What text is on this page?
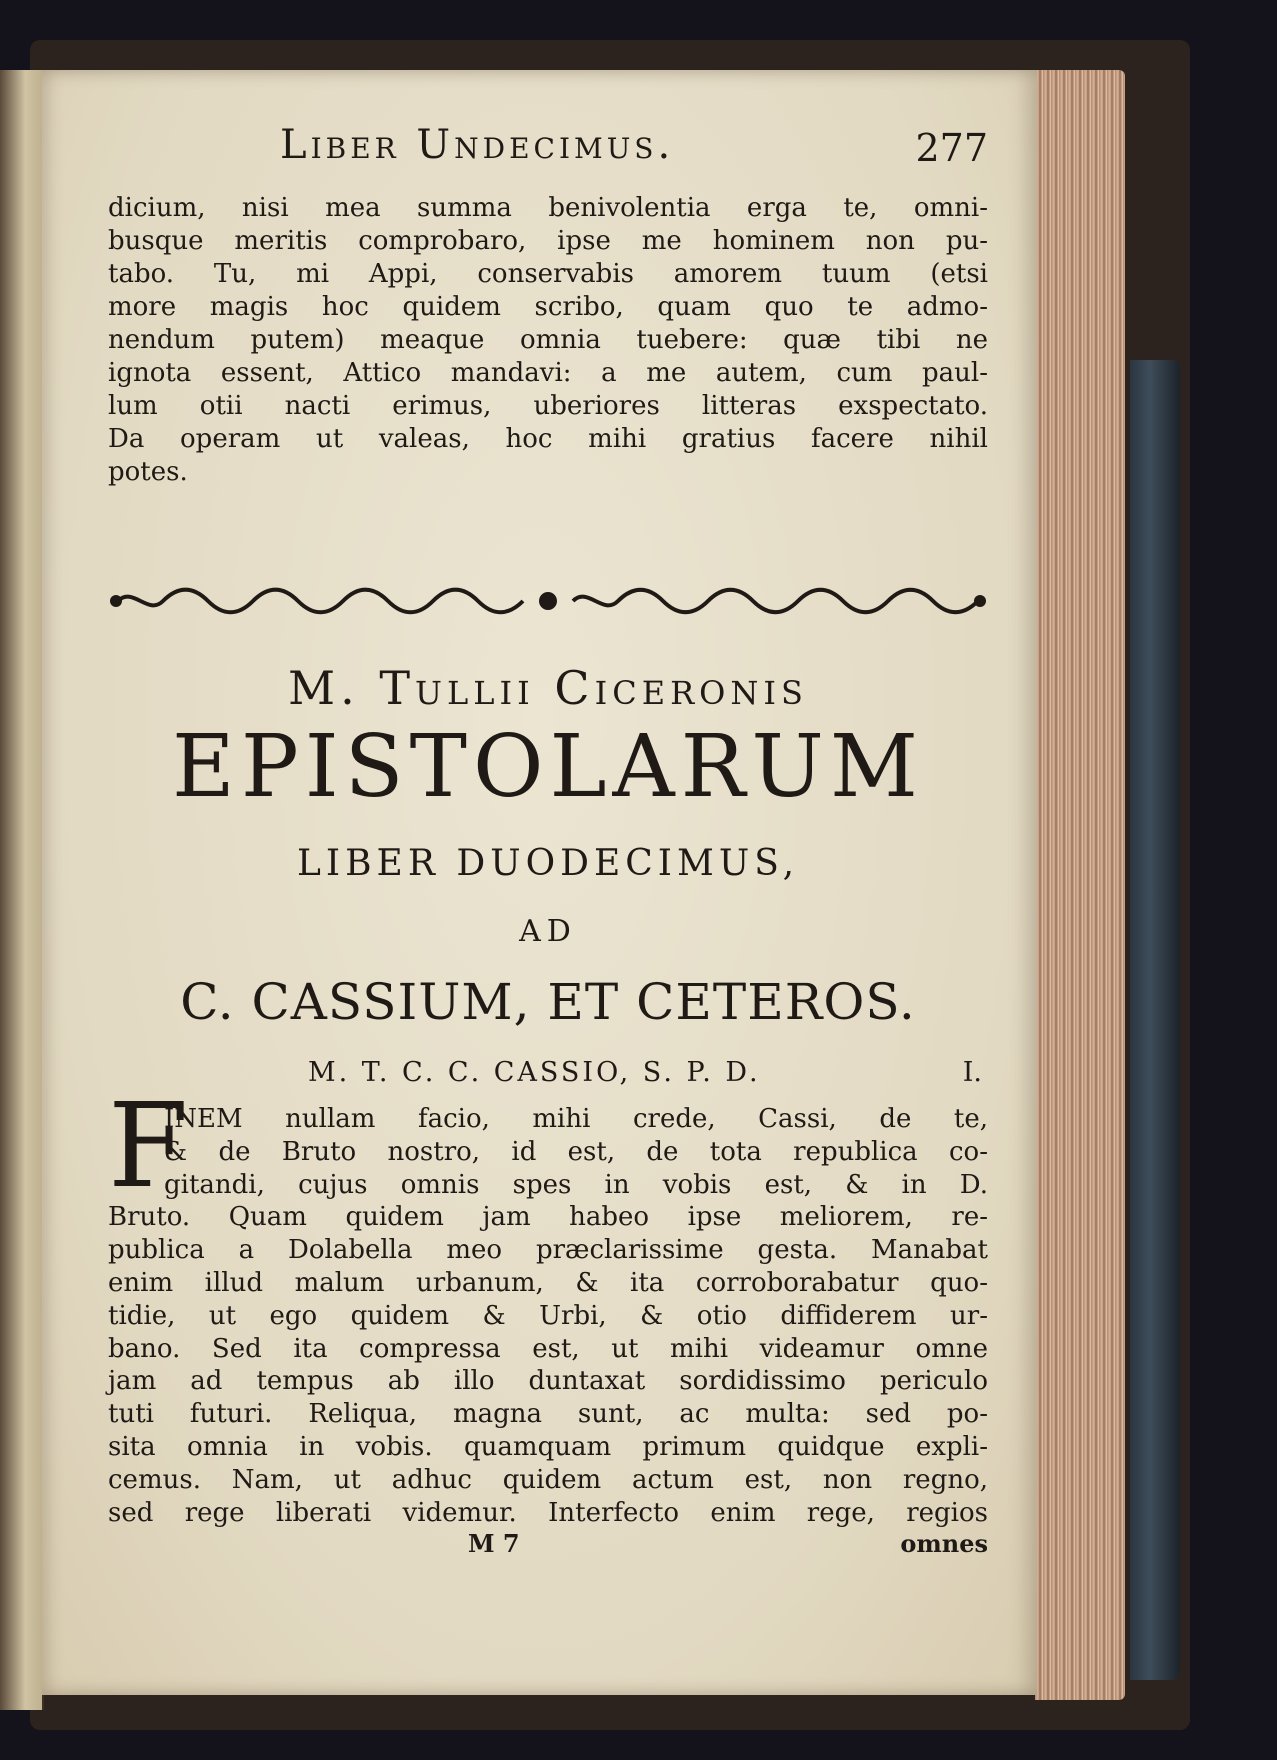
Liber Undecimus.	277
dicium, nisi mea summa benivolentia erga te, omni-
busque meritis comprobaro, ipse me hominem non pu-
tabo. Tu, mi Appi, conservabis amorem tuum (etsi
more magis hoc quidem scribo, quam quo te admo-
nendum putem) meaque omnia tuebere: quæ tibi ne
ignota essent, Attico mandavi: a me autem, cum paul-
lum otii nacti erimus, uberiores litteras exspectato.
Da operam ut valeas, hoc mihi gratius facere nihil
potes.
M. Tullii Ciceronis
EPISTOLARUM
LIBER DUODECIMUS,
AD
C. CASSIUM, ET CETEROS.
M. T. C. C. CASSIO, S. P. D.	I.
F
INEM nullam facio, mihi crede, Cassi, de te,
& de Bruto nostro, id est, de tota republica co-
gitandi, cujus omnis spes in vobis est, & in D.
Bruto. Quam quidem jam habeo ipse meliorem, re-
publica a Dolabella meo præclarissime gesta. Manabat
enim illud malum urbanum, & ita corroborabatur quo-
tidie, ut ego quidem & Urbi, & otio diffiderem ur-
bano. Sed ita compressa est, ut mihi videamur omne
jam ad tempus ab illo duntaxat sordidissimo periculo
tuti futuri. Reliqua, magna sunt, ac multa: sed po-
sita omnia in vobis. quamquam primum quidque expli-
cemus. Nam, ut adhuc quidem actum est, non regno,
sed rege liberati videmur. Interfecto enim rege, regios
M 7	omnes
